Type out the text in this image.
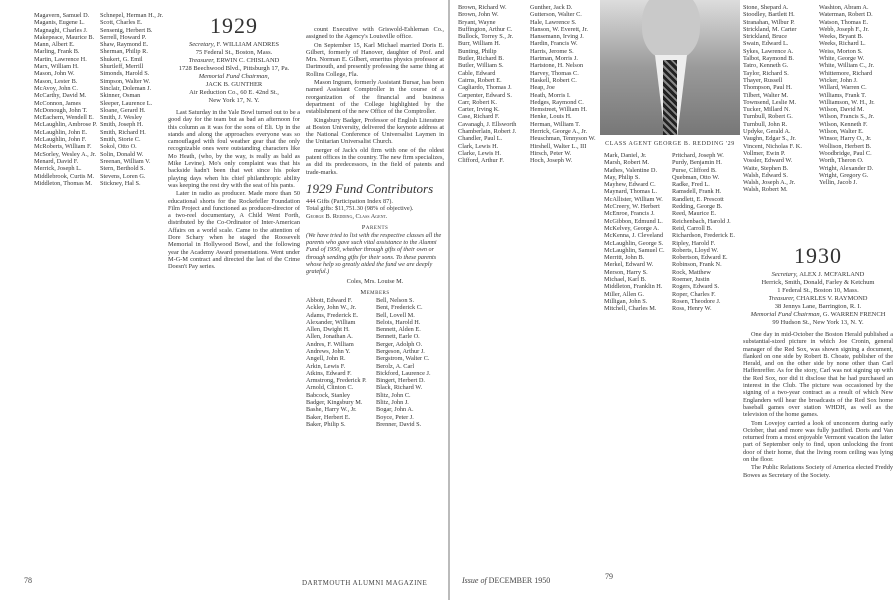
Magavern, Samuel D.
Maganis, Eugene L.
Magnaghi, Charles J.
Makepeace, Maurice B.
Mann, Albert E.
Marling, Frank B.
Martin, Lawrence H.
Marx, William H.
Mason, John W.
Mason, Lester B.
McAvoy, John C.
McCarthy, David M.
McConnon, James
McDonough, John T.
McEachern, Wendell E.
McLaughlin, Ambrose P.
McLaughlin, John E.
McLaughlin, John F.
McRoberts, William F.
McSorley, Wesley A., Jr.
Menard, David F.
Merrick, Joseph L.
Middlebrook, Curtis M.
Middleton, Thomas M.
Schnepel, Herman H., Jr.
Scott, Charles E.
Sensenig, Herbert B.
Serrell, Howard P.
Shaw, Raymond E.
Sherman, Philip R.
Shukert, G. Emil
Shurtleff, Merrill
Simonds, Harold S.
Simpson, Walter W.
Sinclair, Doleman J.
Skinner, Osman
Sleeper, Laurence L.
Sloane, Gerard H.
Smith, J. Wesley
Smith, Joseph H.
Smith, Richard H.
Smith, Storie C.
Sokol, Otto O.
Solin, Donald W.
Sreenan, William V.
Stern, Berthold S.
Stevens, Loren G.
Stickney, Hal S.
1929
Secretary, F. WILLIAM ANDRES
75 Federal St., Boston, Mass.
Treasurer, ERWIN C. CHISLAND
1728 Beechwood Blvd., Pittsburgh 17, Pa.
Memorial Fund Chairman,
JACK B. GUNTHER
Air Reduction Co., 60 E. 42nd St.,
New York 17, N. Y.

Last Saturday in the Yale Bowl turned out to be a good day for the team but as bad an afternoon for this column as it was for the sons of Eli. Up in the stands and along the approaches everyone was so camouflaged with foul weather gear that the only recognizable ones were outstanding characters like Mo Heath, (who, by the way, is really as bald as Mike Levine). Mo's only complaint was that his backside hadn't been that wet since his poker playing days when his chief philanthropic ability was keeping the rest dry with the seat of his pants.

Later in radio as producer. Made more than 50 educational shorts for the Rockefeller Foundation Film Project and functioned as producer-director of a two-reel documentary, A Child Went Forth, distributed by the Co-Ordinator of Inter-American Affairs on a world scale. Came to the attention of Dore Schary when he staged the Roosevelt Memorial in Hollywood Bowl, and the following year the Academy Award presentations. Went under M-G-M contract and directed the last of the Crime Doesn't Pay series.

count Executive with Griswold-Eshleman Co., assigned to the Agency's Louisville office.

On September 15, Karl Michael married Doris E. Gilbert, formerly of Hanover, daughter of Prof. and Mrs. Norman E. Gilbert, emeritus physics professor at Dartmouth, and presently professing the same thing at Rollins College, Fla.

Mason Ingram, formerly Assistant Bursar, has been named Assistant Comptroller in the course of a reorganization of the financial and business department of the College highlighted by the establishment of the new Office of the Comptroller.

Kingsbury Badger, Professor of English Literature at Boston University, delivered the keynote address at the National Conference of Universalist Laymen in the Unitarian Universalist Church.

merger of Jack's old firm with one of the oldest patent offices in the country. The new firm specializes, as did its predecessors, in the field of patents and trade-marks.

1929 Fund Contributors
444 Gifts (Participation Index 87).
Total gifts: $11,751.30 (98% of objective).
George B. Redding, Class Agent.
Parents
(We have tried to list with the respective classes all the parents who gave such vital assistance to the Alumni Fund of 1950, whether through gifts of their own or through sending gifts for their sons. To these parents whose help so greatly aided the fund we are deeply grateful.)
Coles, Mrs. Louise M.
Members
Abbott, Edward F.
Ackley, John W., Jr.
Adams, Frederick E.
Alexander, William
Allen, Dwight H.
Allen, Jonathan A.
Andres, F. William
Andrews, John Y.
Angell, John R.
Arkin, Lewis F.
Atkins, Edward F.
Armstrong, Frederick P.
Arnold, Clinton C.
Babcock, Stanley
Badger, Kingsbury M.
Bashe, Harry W., Jr.
Baker, Herbert E.
Baker, Philip S.
Bell, Nelson S.
Bent, Frederick C.
Bell, Lovell M.
Belois, Harold H.
Bennett, Alden E.
Bennett, Earle O.
Berger, Adolph O.
Bergeson, Arthur J.
Bergstrom, Walter C.
Berolz, A. Carl
Bickford, Laurence J.
Bingert, Herbert D.
Black, Richard W.
Blitz, John C.
Blitz, John J.
Bogar, John A.
Boyce, Peter J.
Brenner, David S.
Brown, Richard W.
Brown, John W.
Bryant, Wayne
Buffington, Arthur C.
Bullock, Torrey S., Jr.
Burr, William H.
Bunting, Philip
Butler, Richard B.
Butler, William S.
Cable, Edward
Cairns, Robert E.
Cagliardo, Thomas J.
Carpenter, Edward S.
Carr, Robert K.
Carter, Irving K.
Case, Richard F.
Cavanagh, J. Ellsworth
Chamberlain, Robert J.
Chandler, Paul L.
Clark, Lewis H.
Clarke, Lewis H.
Clifford, Arthur F.
Gunther, Jack D.
Gutterson, Walter C.
Hale, Lawrence S.
Hanson, W. Everett, Jr.
Hansemann, Irving J.
Hardin, Francis W.
Harris, Jerome S.
Hartman, Morris J.
Hartstone, H. Nelson
Harvey, Thomas C.
Haskell, Robert C.
Heap, Joe
Heath, Morris I.
Hedges, Raymond C.
Hemstreet, William H.
Henke, Louis H.
Herman, William T.
Herrick, George A., Jr.
Heuschman, Tennyson W.
Hirshell, Walter L., III
Hirsch, Peter W.
Hoch, Joseph W.
CLASS AGENT GEORGE B. REDDING '29
Mark, Daniel, Jr.
Marsh, Robert M.
Mathes, Valentine D.
May, Philip S.
Mayhew, Edward C.
Maynard, Thomas L.
McAllister, William W.
McCreery, W. Herbert
McEnroe, Francis J.
McGibbon, Edmund L.
McKelvey, George A.
McKenna, J. Cleveland
McLaughlin, George S.
McLaughlin, Samuel C.
Merritt, John B.
Merkel, Edward W.
Merson, Harry S.
Michael, Karl B.
Middleton, Franklin H.
Miller, Allen G.
Milligan, John S.
Mitchell, Charles M.
Pritchard, Joseph W.
Purdy, Benjamin H.
Purse, Clifford B.
Quebman, Otto W.
Radke, Fred L.
Ramsdell, Frank H.
Randlett, E. Prescott
Redding, George B.
Reed, Maurice E.
Reichenbach, Harold J.
Reid, Carroll B.
Richardson, Frederick E.
Ripley, Harold F.
Roberts, Lloyd W.
Robertson, Edward E.
Robinson, Frank N.
Rock, Matthew
Roemer, Justin
Rogers, Edward S.
Roper, Charles F.
Rosen, Theodore J.
Ross, Henry W.
Stone, Shepard A.
Stoodley, Bartlett H.
Stranahan, Wilbur P.
Strickland, M. Carter
Strickland, Bruce
Swain, Edward L.
Sykes, Lawrence A.
Talbot, Raymond B.
Tatro, Kenneth G.
Taylor, Richard S.
Thayer, Russell
Thompson, Paul H.
Tilbert, Walter M.
Townsend, Leslie M.
Tucker, Millard N.
Turnbull, Robert G.
Turnbull, John R.
Updyke, Gerald A.
Vaughn, Edgar S., Jr.
Vincent, Nicholas F. K.
Vollmer, Ewin P.
Vossler, Edward W.
Waite, Stephen B.
Walsh, Edward S.
Walsh, Joseph A., Jr.
Walsh, Robert M.
Washton, Abram A.
Waterman, Robert D.
Watson, Thomas E.
Webb, Joseph F., Jr.
Weeks, Bryant B.
Weeks, Richard L.
Weiss, Morton S.
White, George W.
White, William C., Jr.
Whittemore, Richard
Wicker, John J.
Willard, Warren C.
Williams, Frank T.
Williamson, W. H., Jr.
Wilson, David M.
Wilson, Francis S., Jr.
Wilson, Kenneth F.
Wilson, Walter E.
Winsor, Harry O., Jr.
Wollison, Herbert B.
Woodbridge, Paul C.
Worth, Theron O.
Wright, Alexander D.
Wright, Gregory G.
Yellin, Jacob J.
1930
Secretary, ALEX J. MCFARLAND
Herrick, Smith, Donald, Farley & Ketchum
1 Federal St., Boston 10, Mass.
Treasurer, CHARLES V. RAYMOND
38 Jennys Lane, Barrington, R. I.
Memorial Fund Chairman, G. WARREN FRENCH
99 Hudson St., New York 13, N. Y.

One day in mid-October the Boston Herald published a substantial-sized picture in which Joe Cronin, general manager of the Red Sox, was shown signing a document, flanked on one side by Robert B. Choate, publisher of the Herald, and on the other side by none other than Carl Haffenreffer. As for the story, Carl was not signing up with the Red Sox, nor did it disclose that he had purchased an interest in the Club. The picture was occasioned by the signing of a two-year contract as a result of which New Englanders will hear the broadcasts of the Red Sox home baseball games over station WHDH, as well as the television of the home games.

Tom Lovejoy carried a look of unconcern during early October, that and more was fully justified. Doris and Van returned from a most enjoyable Vermont vacation the latter part of September only to find, upon unlocking the front door of their home, that the living room ceiling was lying on the floor.

The Public Relations Society of America elected Freddy Bowes as Secretary of the Society.

78	DARTMOUTH ALUMNI MAGAZINE	Issue of DECEMBER 1950	79
